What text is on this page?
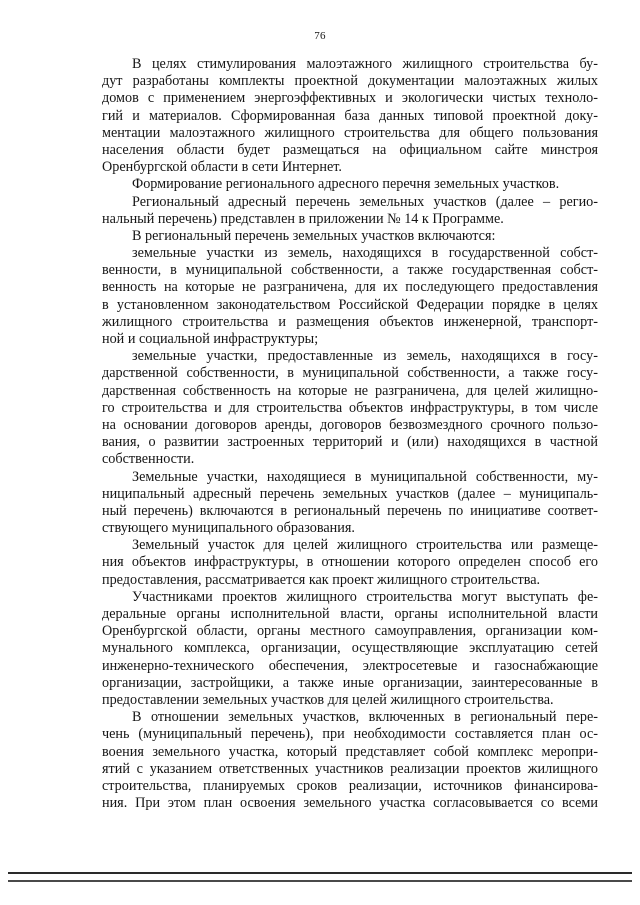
76
В целях стимулирования малоэтажного жилищного строительства бу-
дут разработаны комплекты проектной документации малоэтажных жилых
домов с применением энергоэффективных и экологически чистых техноло-
гий и материалов. Сформированная база данных типовой проектной доку-
ментации малоэтажного жилищного строительства для общего пользования
населения области будет размещаться на официальном сайте минстроя
Оренбургской области в сети Интернет.
Формирование регионального адресного перечня земельных участков.
Региональный адресный перечень земельных участков (далее – регио-
нальный перечень) представлен в приложении № 14 к Программе.
В региональный перечень земельных участков включаются:
земельные участки из земель, находящихся в государственной собст-
венности, в муниципальной собственности, а также государственная собст-
венность на которые не разграничена, для их последующего предоставления
в установленном законодательством Российской Федерации порядке в целях
жилищного строительства и размещения объектов инженерной, транспорт-
ной и социальной инфраструктуры;
земельные участки, предоставленные из земель, находящихся в госу-
дарственной собственности, в муниципальной собственности, а также госу-
дарственная собственность на которые не разграничена, для целей жилищно-
го строительства и для строительства объектов инфраструктуры, в том числе
на основании договоров аренды, договоров безвозмездного срочного пользо-
вания, о развитии застроенных территорий и (или) находящихся в частной
собственности.
Земельные участки, находящиеся в муниципальной собственности, му-
ниципальный адресный перечень земельных участков (далее – муниципаль-
ный перечень) включаются в региональный перечень по инициативе соответ-
ствующего муниципального образования.
Земельный участок для целей жилищного строительства или размеще-
ния объектов инфраструктуры, в отношении которого определен способ его
предоставления, рассматривается как проект жилищного строительства.
Участниками проектов жилищного строительства могут выступать фе-
деральные органы исполнительной власти, органы исполнительной власти
Оренбургской области, органы местного самоуправления, организации ком-
мунального комплекса, организации, осуществляющие эксплуатацию сетей
инженерно-технического обеспечения, электросетевые и газоснабжающие
организации, застройщики, а также иные организации, заинтересованные в
предоставлении земельных участков для целей жилищного строительства.
В отношении земельных участков, включенных в региональный пере-
чень (муниципальный перечень), при необходимости составляется план ос-
воения земельного участка, который представляет собой комплекс меропри-
ятий с указанием ответственных участников реализации проектов жилищного
строительства, планируемых сроков реализации, источников финансирова-
ния. При этом план освоения земельного участка согласовывается со всеми
